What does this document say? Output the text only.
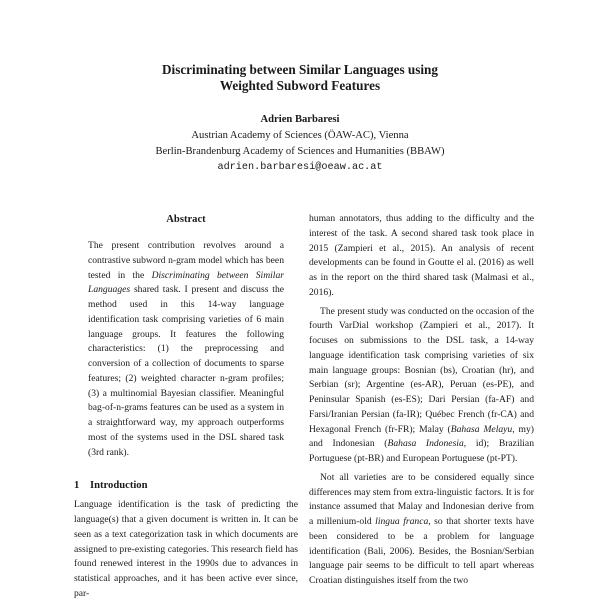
Discriminating between Similar Languages using
Weighted Subword Features
Adrien Barbaresi
Austrian Academy of Sciences (ÖAW-AC), Vienna
Berlin-Brandenburg Academy of Sciences and Humanities (BBAW)
adrien.barbaresi@oeaw.ac.at
Abstract

The present contribution revolves around a contrastive subword n-gram model which has been tested in the Discriminating between Similar Languages shared task. I present and discuss the method used in this 14-way language identification task comprising varieties of 6 main language groups. It features the following characteristics: (1) the preprocessing and conversion of a collection of documents to sparse features; (2) weighted character n-gram profiles; (3) a multinomial Bayesian classifier. Meaningful bag-of-n-grams features can be used as a system in a straightforward way, my approach outperforms most of the systems used in the DSL shared task (3rd rank).

1 Introduction

Language identification is the task of predicting the language(s) that a given document is written in. It can be seen as a text categorization task in which documents are assigned to pre-existing categories. This research field has found renewed interest in the 1990s due to advances in statistical approaches, and it has been active ever since, par-

human annotators, thus adding to the difficulty and the interest of the task. A second shared task took place in 2015 (Zampieri et al., 2015). An analysis of recent developments can be found in Goutte el al. (2016) as well as in the report on the third shared task (Malmasi et al., 2016).

The present study was conducted on the occasion of the fourth VarDial workshop (Zampieri et al., 2017). It focuses on submissions to the DSL task, a 14-way language identification task comprising varieties of six main language groups: Bosnian (bs), Croatian (hr), and Serbian (sr); Argentine (es-AR), Peruan (es-PE), and Peninsular Spanish (es-ES); Dari Persian (fa-AF) and Farsi/Iranian Persian (fa-IR); Québec French (fr-CA) and Hexagonal French (fr-FR); Malay (Bahasa Melayu, my) and Indonesian (Bahasa Indonesia, id); Brazilian Portuguese (pt-BR) and European Portuguese (pt-PT).

Not all varieties are to be considered equally since differences may stem from extra-linguistic factors. It is for instance assumed that Malay and Indonesian derive from a millenium-old lingua franca, so that shorter texts have been considered to be a problem for language identification (Bali, 2006). Besides, the Bosnian/Serbian language pair seems to be difficult to tell apart whereas Croatian distinguishes itself from the two
